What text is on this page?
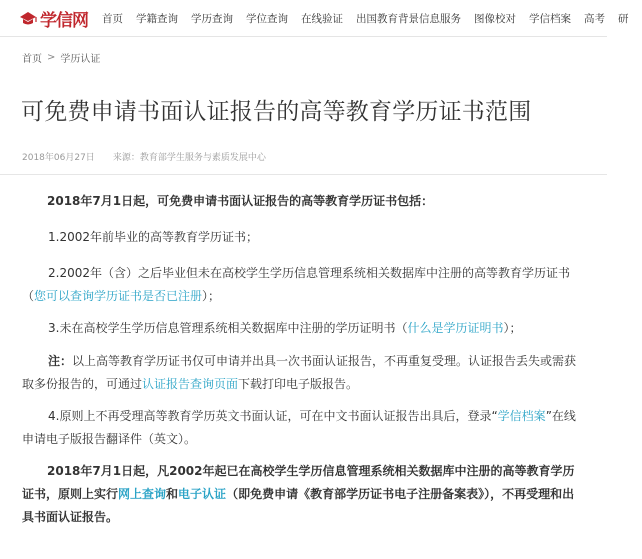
学信网 首页 学籍查询 学历查询 学位查询 在线验证 出国教育背景信息服务 图像校对 学信档案 高考 研
首页 > 学历认证
可免费申请书面认证报告的高等教育学历证书范围
2018年06月27日 来源： 教育部学生服务与素质发展中心

2018年7月1日起，可免费申请书面认证报告的高等教育学历证书包括：

1.2002年前毕业的高等教育学历证书；

2.2002年（含）之后毕业但未在高校学生学历信息管理系统相关数据库中注册的高等教育学历证书（您可以查询学历证书是否已注册）；

3.未在高校学生学历信息管理系统相关数据库中注册的学历证明书（什么是学历证明书）；

注：以上高等教育学历证书仅可申请并出具一次书面认证报告，不再重复受理。认证报告丢失或需获取多份报告的，可通过认证报告查询页面下载打印电子版报告。

4.原则上不再受理高等教育学历英文书面认证，可在中文书面认证报告出具后，登录“学信档案”在线申请电子版报告翻译件（英文）。

2018年7月1日起，凡2002年起已在高校学生学历信息管理系统相关数据库中注册的高等教育学历证书，原则上实行网上查询和电子认证（即免费申请《教育部学历证书电子注册备案表》），不再受理和出具书面认证报告。
